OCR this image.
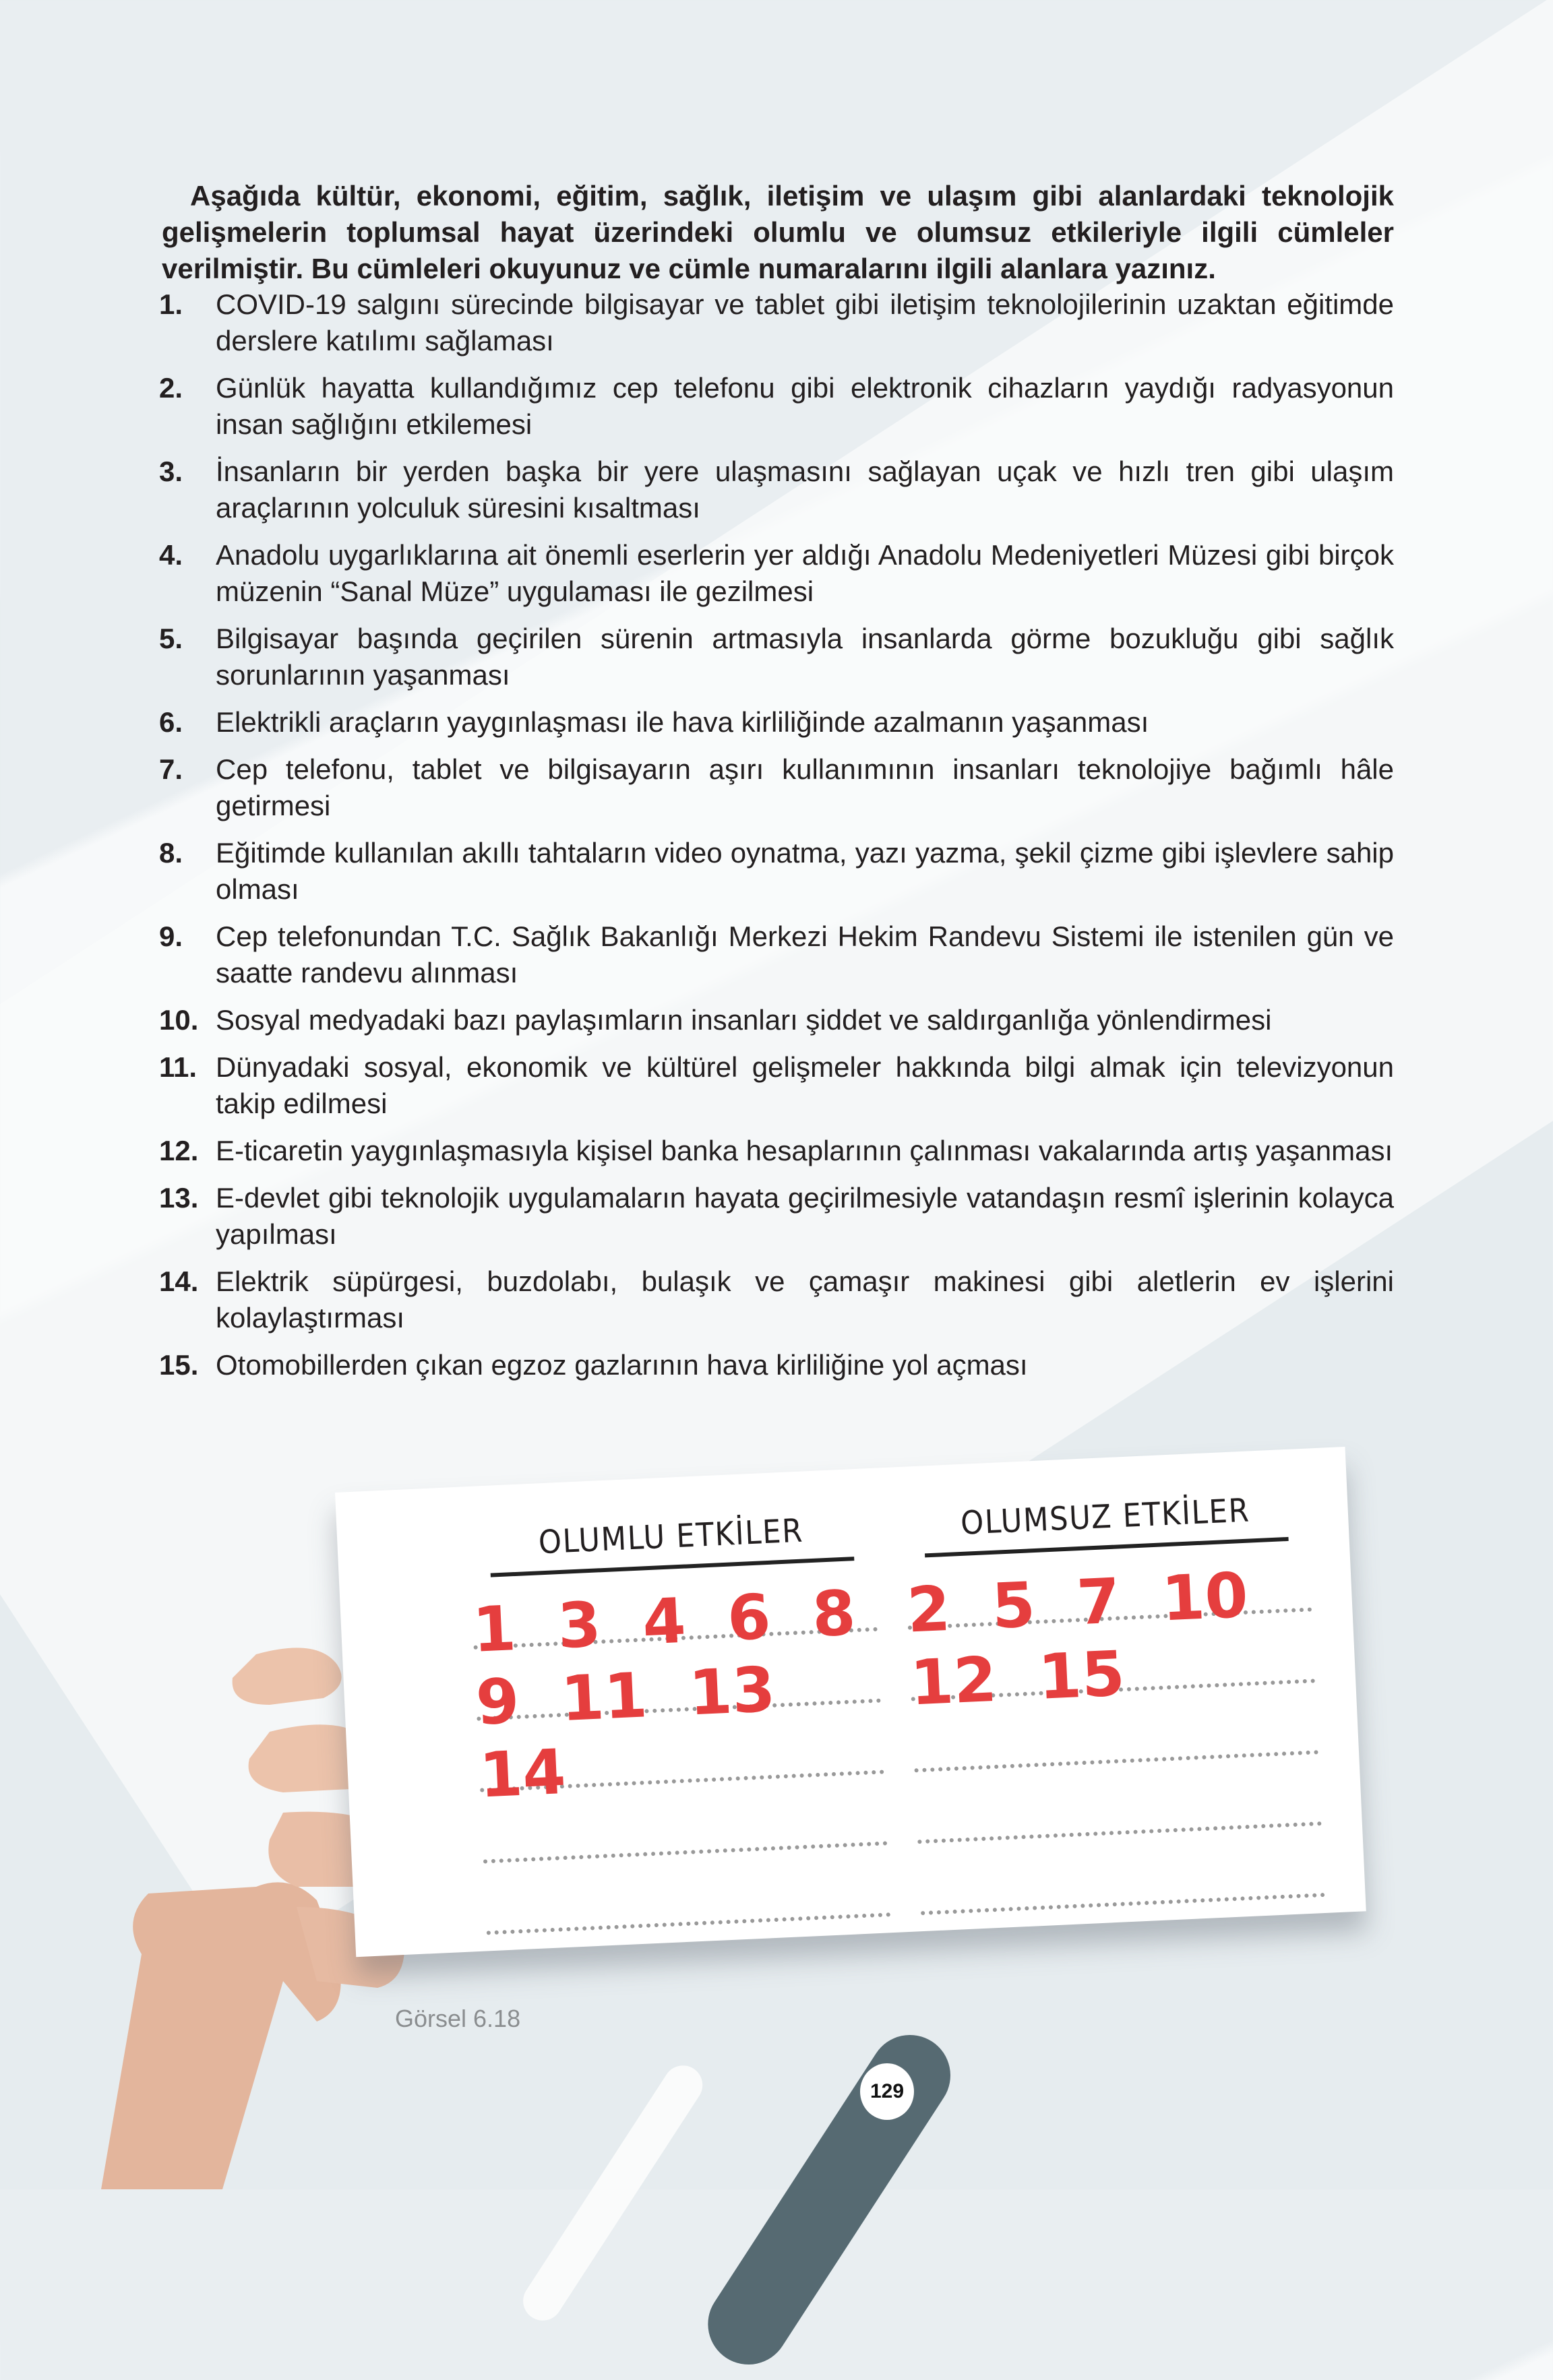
Aşağıda kültür, ekonomi, eğitim, sağlık, iletişim ve ulaşım gibi alanlardaki teknolojik gelişmelerin toplumsal hayat üzerindeki olumlu ve olumsuz etkileriyle ilgili cümleler verilmiştir. Bu cümleleri okuyunuz ve cümle numaralarını ilgili alanlara yazınız.

1.	COVID-19 salgını sürecinde bilgisayar ve tablet gibi iletişim teknolojilerinin uzaktan eğitimde derslere katılımı sağlaması
2.	Günlük hayatta kullandığımız cep telefonu gibi elektronik cihazların yaydığı radyasyonun insan sağlığını etkilemesi
3.	İnsanların bir yerden başka bir yere ulaşmasını sağlayan uçak ve hızlı tren gibi ulaşım araçlarının yolculuk süresini kısaltması
4.	Anadolu uygarlıklarına ait önemli eserlerin yer aldığı Anadolu Medeniyetleri Müzesi gibi birçok müzenin “Sanal Müze” uygulaması ile gezilmesi
5.	Bilgisayar başında geçirilen sürenin artmasıyla insanlarda görme bozukluğu gibi sağlık sorunlarının yaşanması
6.	Elektrikli araçların yaygınlaşması ile hava kirliliğinde azalmanın yaşanması
7.	Cep telefonu, tablet ve bilgisayarın aşırı kullanımının insanları teknolojiye bağımlı hâle getirmesi
8.	Eğitimde kullanılan akıllı tahtaların video oynatma, yazı yazma, şekil çizme gibi işlevlere sahip olması
9.	Cep telefonundan T.C. Sağlık Bakanlığı Merkezi Hekim Randevu Sistemi ile istenilen gün ve saatte randevu alınması
10. Sosyal medyadaki bazı paylaşımların insanları şiddet ve saldırganlığa yönlendirmesi
11. Dünyadaki sosyal, ekonomik ve kültürel gelişmeler hakkında bilgi almak için televizyonun takip edilmesi
12. E-ticaretin yaygınlaşmasıyla kişisel banka hesaplarının çalınması vakalarında artış yaşanması
13. E-devlet gibi teknolojik uygulamaların hayata geçirilmesiyle vatandaşın resmî işlerinin kolayca yapılması
14. Elektrik süpürgesi, buzdolabı, bulaşık ve çamaşır makinesi gibi aletlerin ev işlerini kolaylaştırması
15. Otomobillerden çıkan egzoz gazlarının hava kirliliğine yol açması
OLUMLU ETKİLER
1 3 4 6 8 9 11 13 14
OLUMSUZ ETKİLER
2 5 7 10 12 15
Görsel 6.18
129
